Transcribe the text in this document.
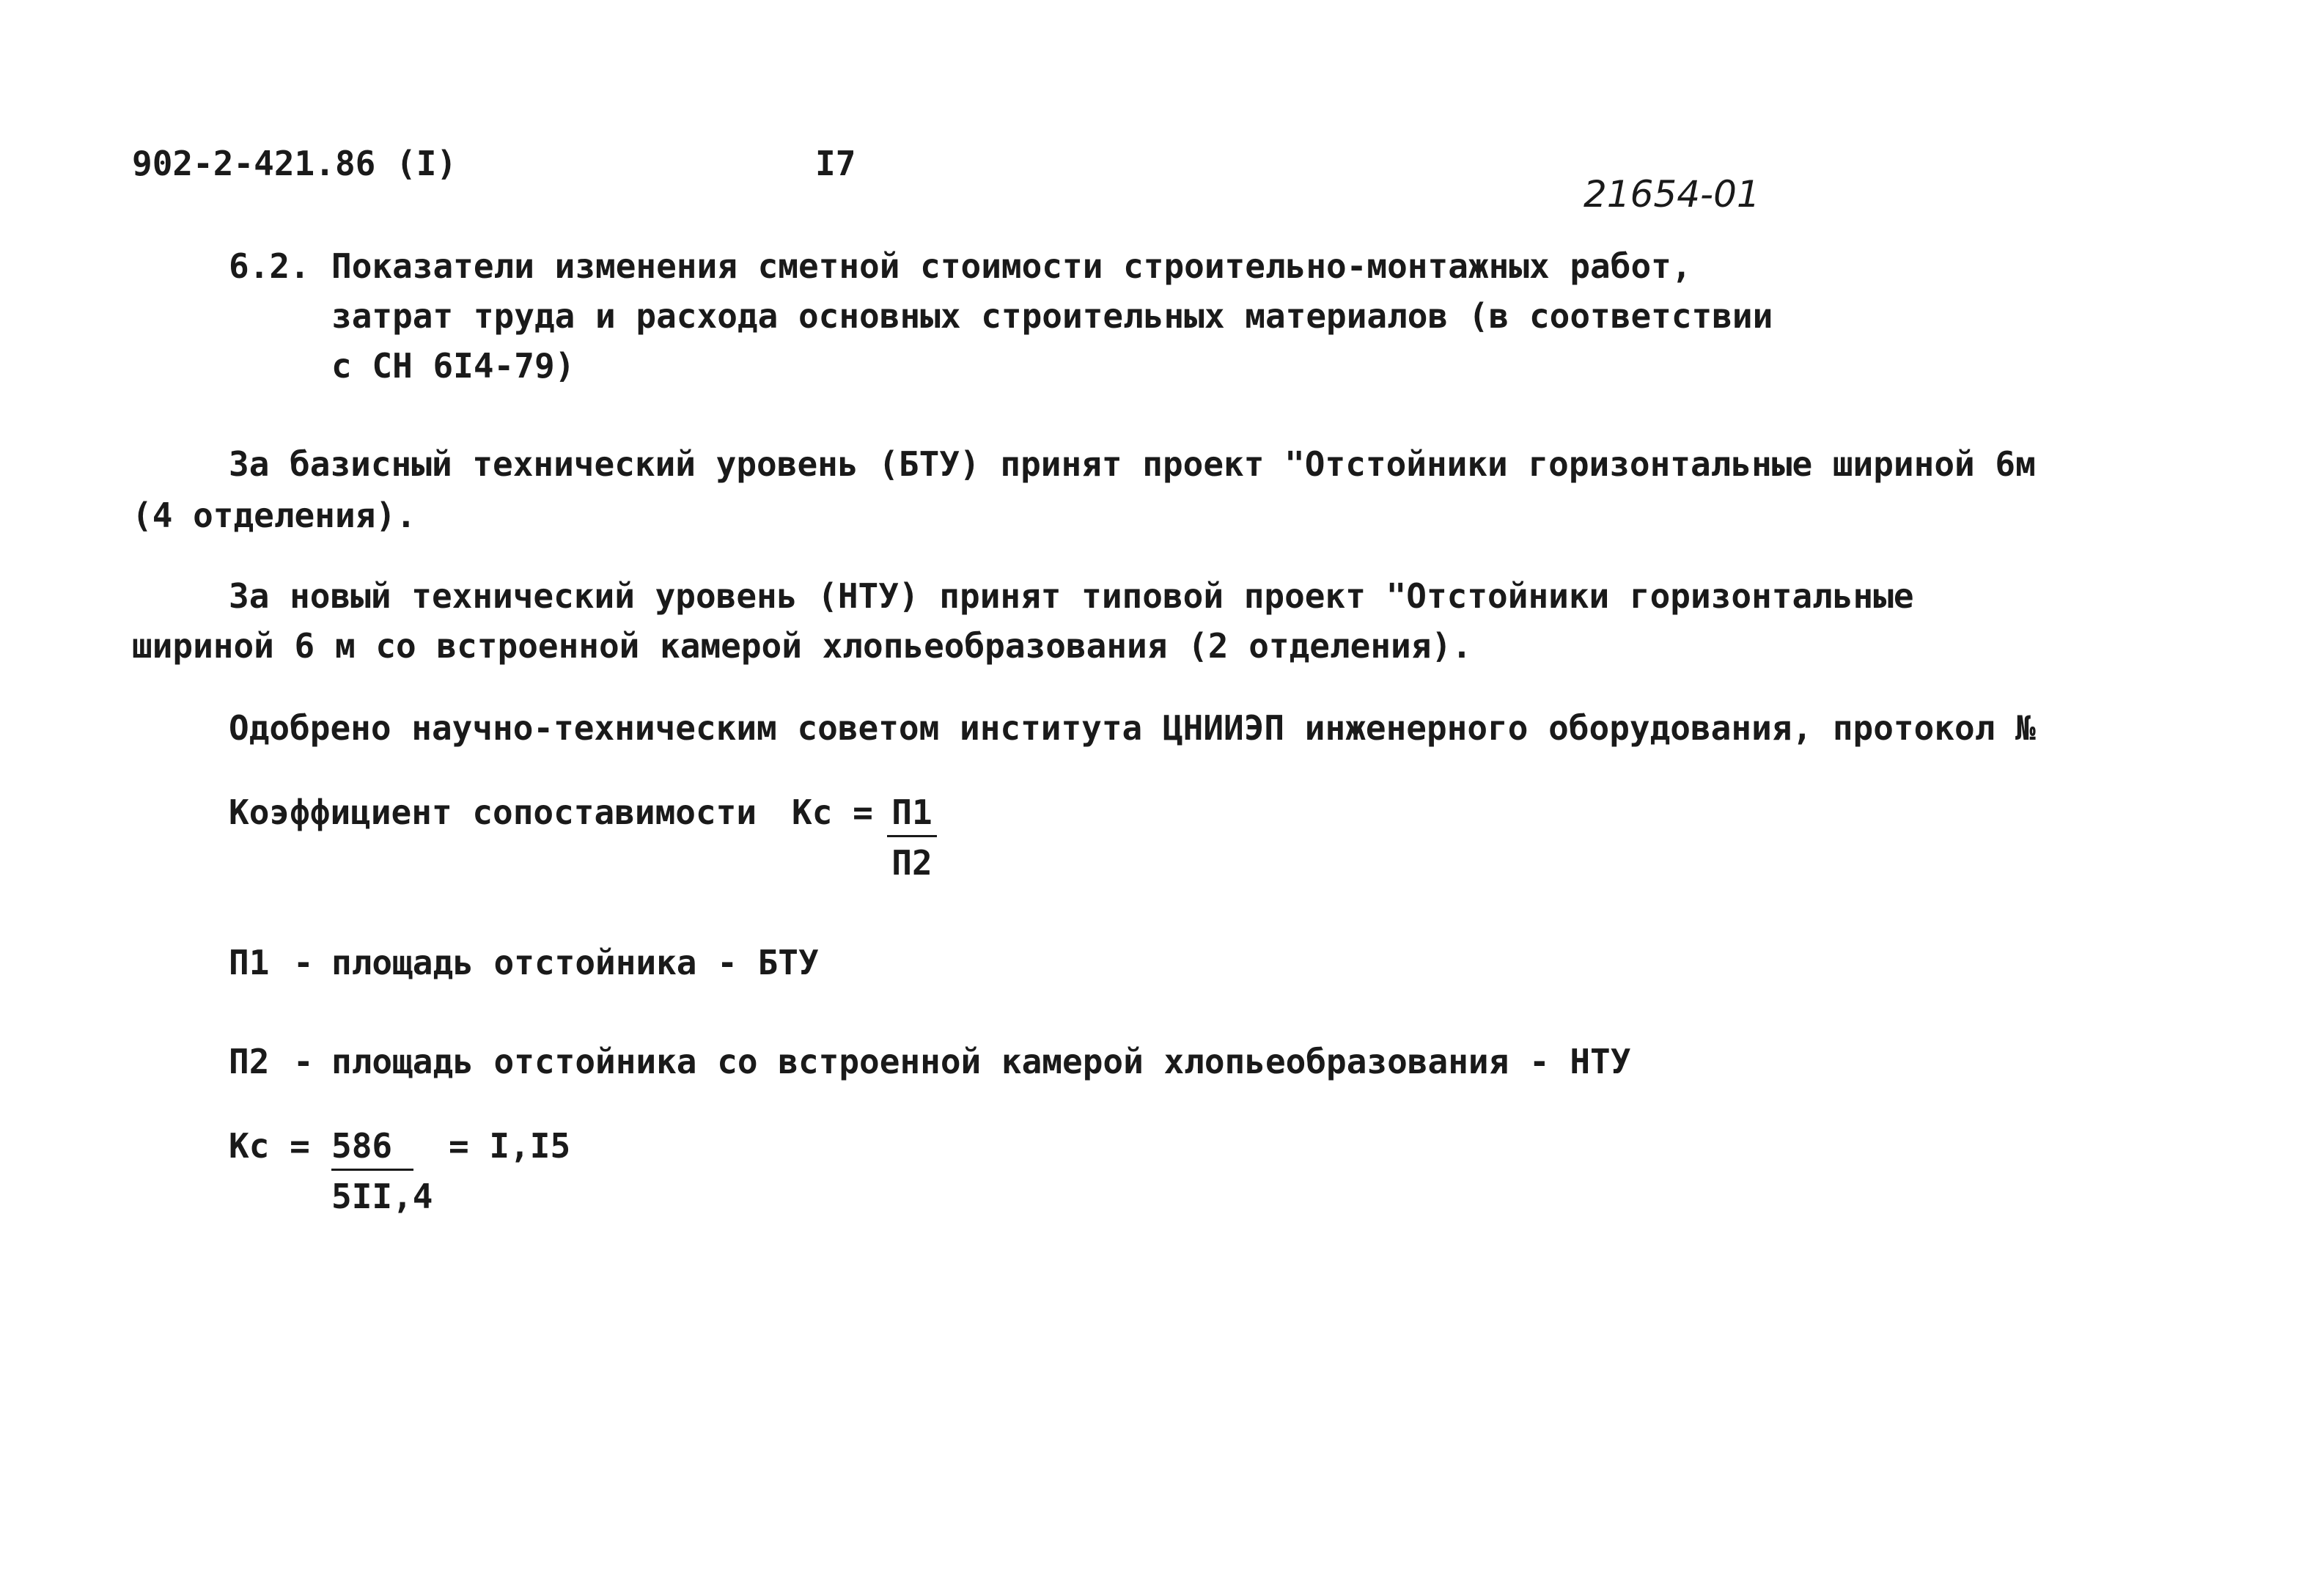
902-2-421.86 (I)	I7
21654-01
6.2. Показатели изменения сметной стоимости строительно-монтажных работ,
затрат труда и расхода основных строительных материалов (в соответствии
с СН 6I4-79)
За базисный технический уровень (БТУ) принят проект "Отстойники горизонтальные шириной 6м
(4 отделения).
За новый технический уровень (НТУ) принят типовой проект "Отстойники горизонтальные
шириной 6 м со встроенной камерой хлопьеобразования (2 отделения).
Одобрено научно-техническим советом института ЦНИИЭП инженерного оборудования, протокол №
Коэффициент сопоставимости Кс = П1
П2
П1 - площадь отстойника - БТУ
П2 - площадь отстойника со встроенной камерой хлопьеобразования - НТУ
Кс = $\frac{586}{5II,4} = I,I5$
